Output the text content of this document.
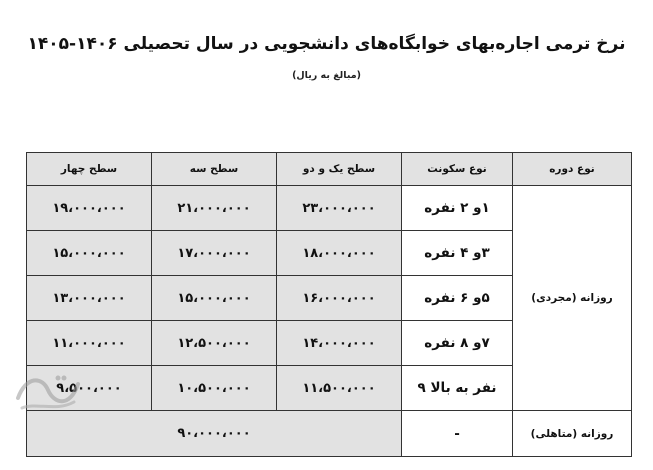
نرخ ترمی اجاره‌بهای خوابگاه‌های دانشجویی در سال تحصیلی ۱۴۰۶-۱۴۰۵
(مبالغ به ریال)
نوع دوره	نوع سکونت	سطح یک و دو	سطح سه	سطح چهار
روزانه (مجردی)	۱و ۲ نفره	۲۳،۰۰۰،۰۰۰	۲۱،۰۰۰،۰۰۰	۱۹،۰۰۰،۰۰۰
	۳و ۴ نفره	۱۸،۰۰۰،۰۰۰	۱۷،۰۰۰،۰۰۰	۱۵،۰۰۰،۰۰۰
	۵و ۶ نفره	۱۶،۰۰۰،۰۰۰	۱۵،۰۰۰،۰۰۰	۱۳،۰۰۰،۰۰۰
	۷و ۸ نفره	۱۴،۰۰۰،۰۰۰	۱۲،۵۰۰،۰۰۰	۱۱،۰۰۰،۰۰۰
	نفر به بالا ۹	۱۱،۵۰۰،۰۰۰	۱۰،۵۰۰،۰۰۰	۹،۵۰۰،۰۰۰
روزانه (متاهلی)	-	۹۰،۰۰۰،۰۰۰		
